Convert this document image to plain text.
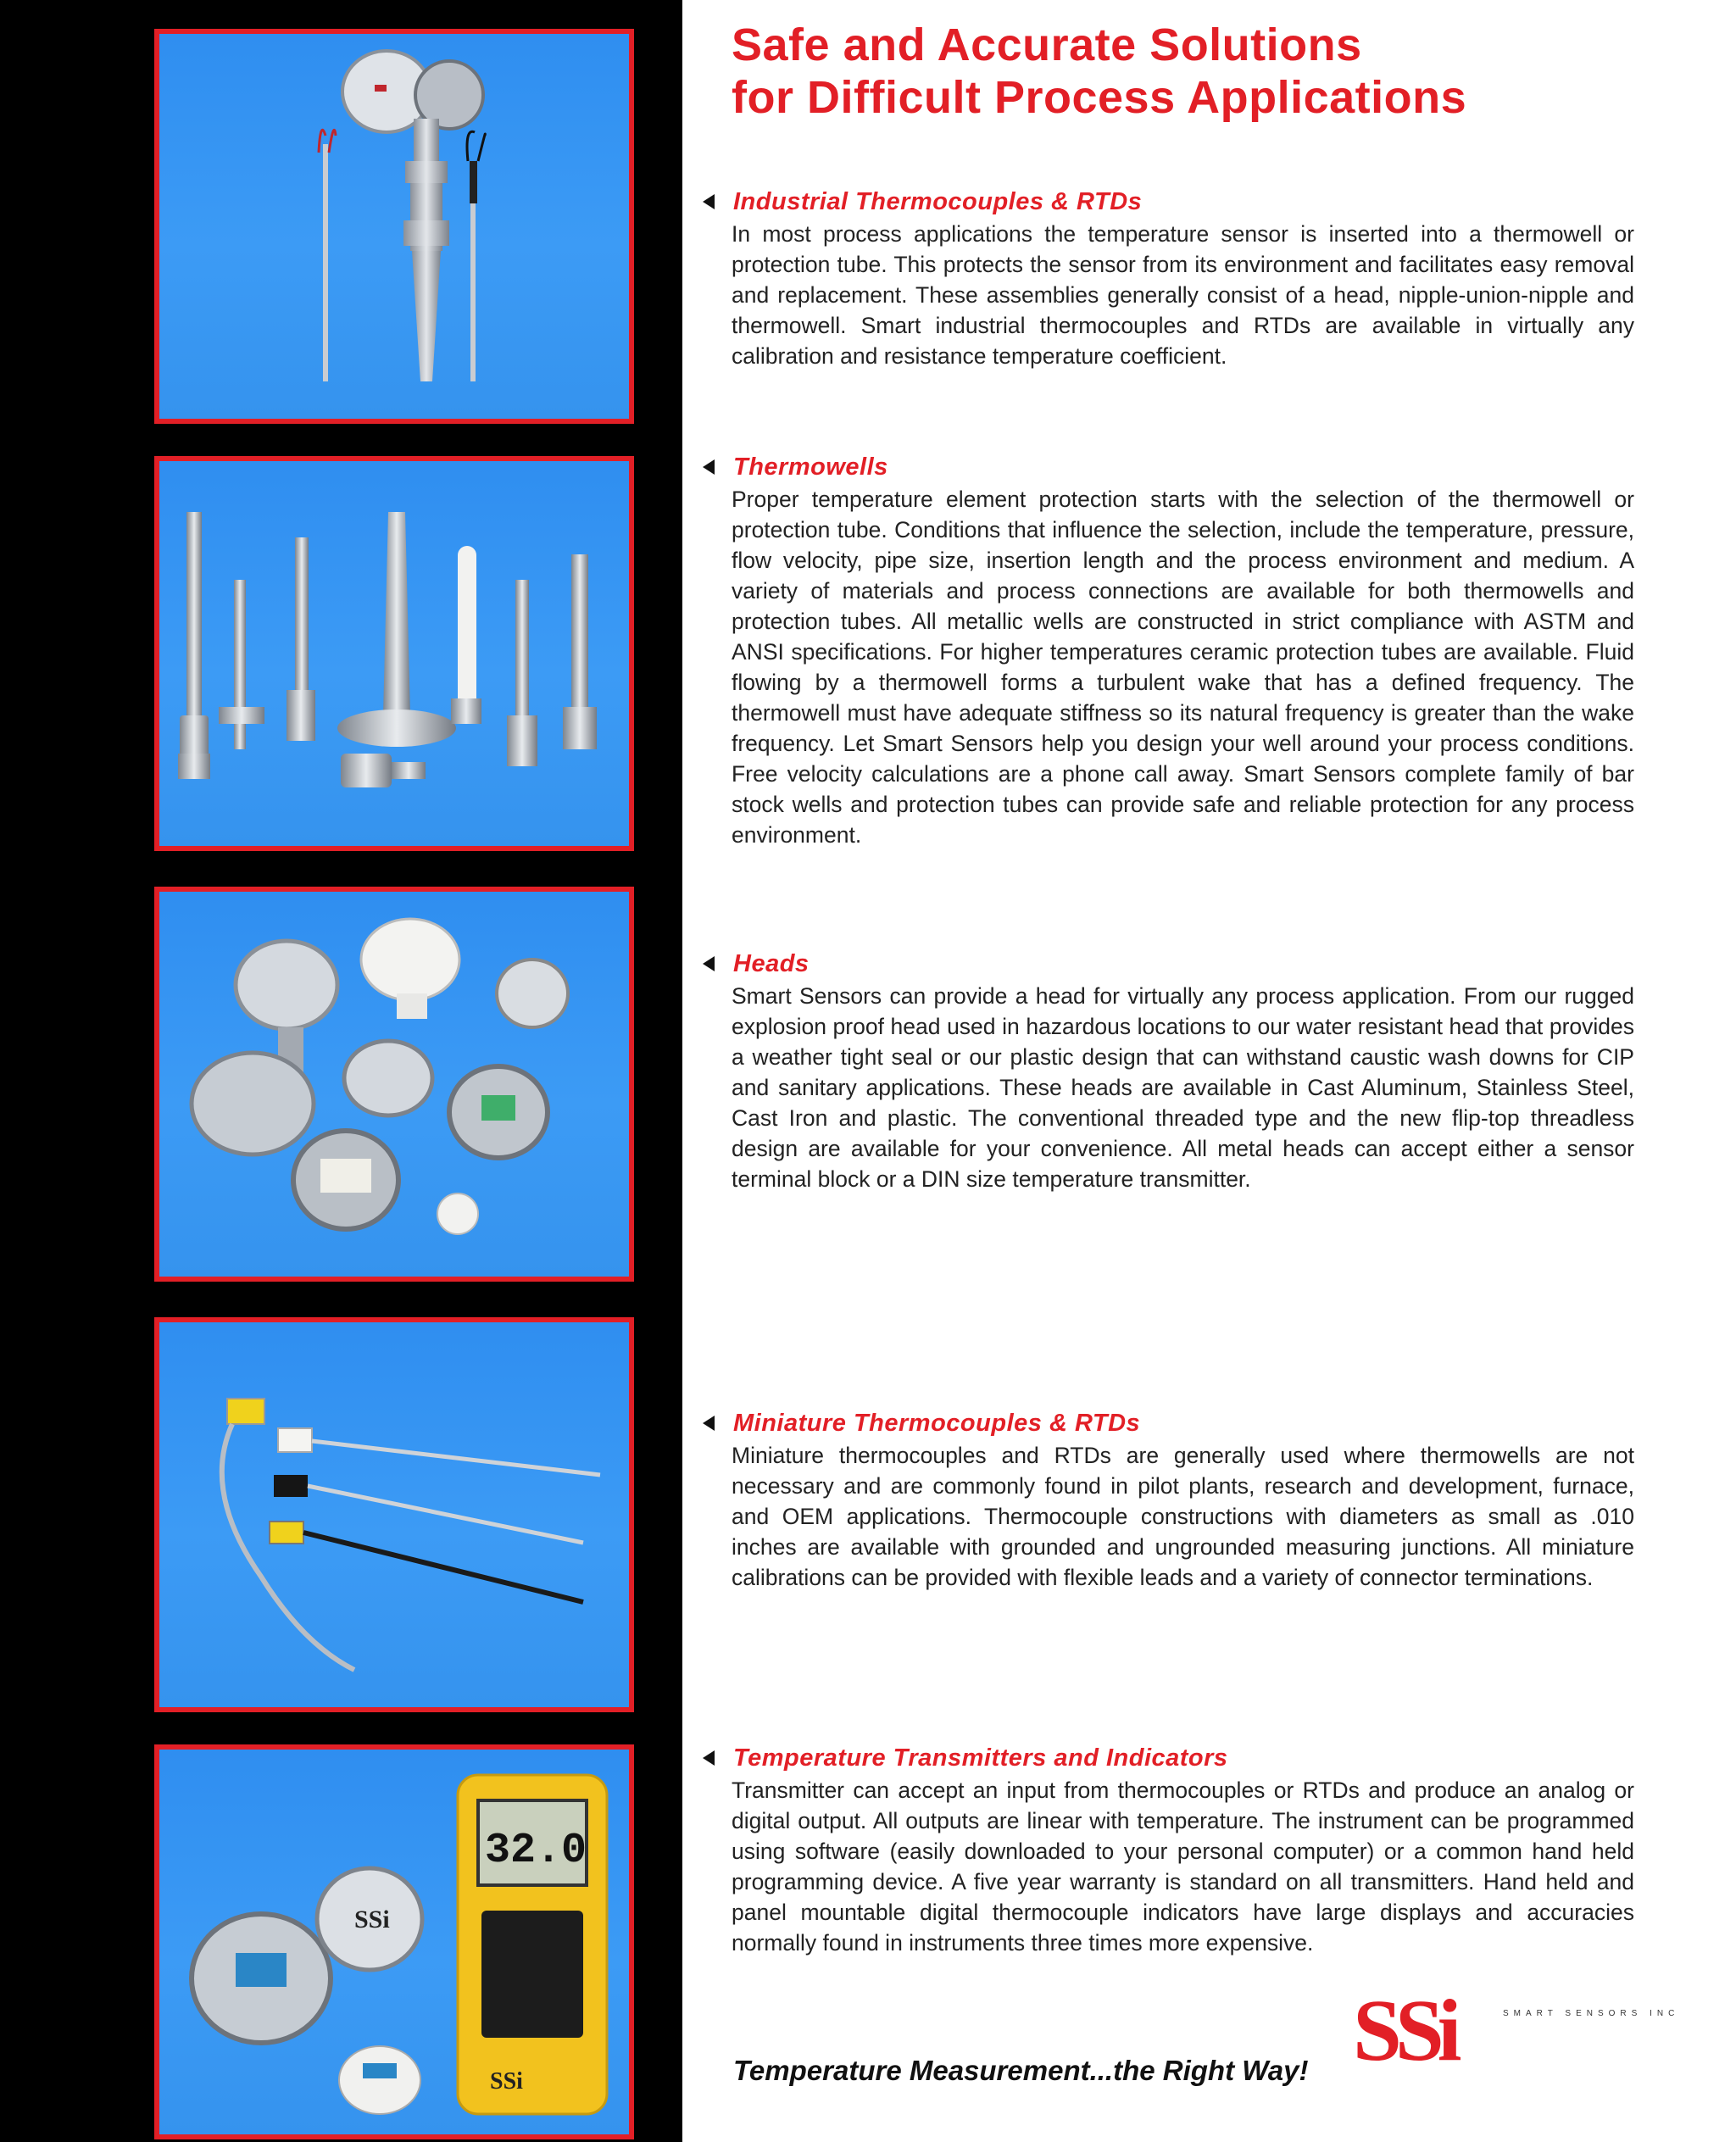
SSi
32.0
SSi
Safe and Accurate Solutions
for Difficult Process Applications
Industrial Thermocouples & RTDs

In most process applications the temperature sensor is inserted into a thermowell or protection tube. This protects the sensor from its environment and facilitates easy removal and replacement. These assemblies generally consist of a head, nipple-union-nipple and thermowell. Smart industrial thermocouples and RTDs are available in virtually any calibration and resistance temperature coefficient.

Thermowells

Proper temperature element protection starts with the selection of the thermowell or protection tube. Conditions that influence the selection, include the temperature, pressure, flow velocity, pipe size, insertion length and the process environment and medium. A variety of materials and process connections are available for both thermowells and protection tubes. All metallic wells are constructed in strict compliance with ASTM and ANSI specifications. For higher temperatures ceramic protection tubes are available. Fluid flowing by a thermowell forms a turbulent wake that has a defined frequency. The thermowell must have adequate stiffness so its natural frequency is greater than the wake frequency. Let Smart Sensors help you design your well around your process conditions. Free velocity calculations are a phone call away. Smart Sensors complete family of bar stock wells and protection tubes can provide safe and reliable protection for any process environment.

Heads

Smart Sensors can provide a head for virtually any process application. From our rugged explosion proof head used in hazardous locations to our water resistant head that provides a weather tight seal or our plastic design that can withstand caustic wash downs for CIP and sanitary applications. These heads are available in Cast Aluminum, Stainless Steel, Cast Iron and plastic. The conventional threaded type and the new flip-top threadless design are available for your convenience. All metal heads can accept either a sensor terminal block or a DIN size temperature transmitter.

Miniature Thermocouples & RTDs

Miniature thermocouples and RTDs are generally used where thermowells are not necessary and are commonly found in pilot plants, research and development, furnace, and OEM applications. Thermocouple constructions with diameters as small as .010 inches are available with grounded and ungrounded measuring junctions. All miniature calibrations can be provided with flexible leads and a variety of connector terminations.

Temperature Transmitters and Indicators

Transmitter can accept an input from thermocouples or RTDs and produce an analog or digital output. All outputs are linear with temperature. The instrument can be programmed using software (easily downloaded to your personal computer) or a common hand held programming device. A five year warranty is standard on all transmitters. Hand held and panel mountable digital thermocouple indicators have large displays and accuracies normally found in instruments three times more expensive.

Temperature Measurement...the Right Way! SSi	SMART SENSORS INC
